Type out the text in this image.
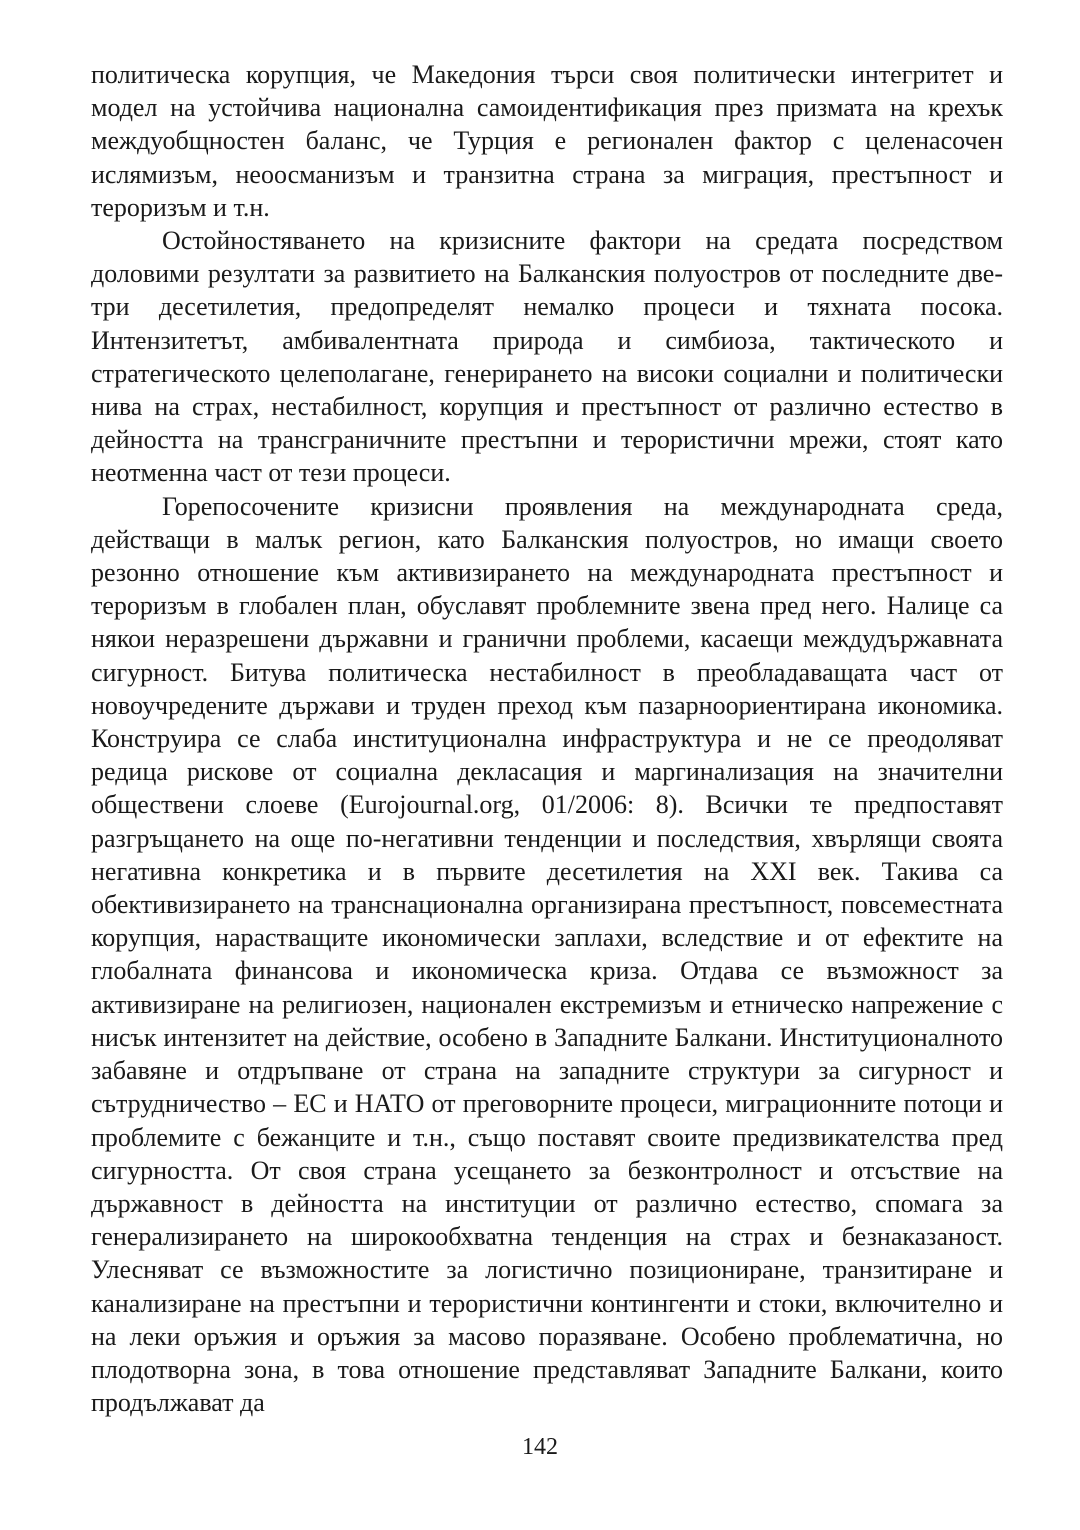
политическа корупция, че Македония търси своя политически интегритет и модел на устойчива национална самоидентификация през призмата на крехък междуобщностен баланс, че Турция е регионален фактор с целенасочен ислямизъм, неоосманизъм и транзитна страна за миграция, престъпност и тероризъм и т.н.

Остойностяването на кризисните фактори на средата посредством доловими резултати за развитието на Балканския полуостров от последните две-три десетилетия, предопределят немалко процеси и тяхната посока. Интензитетът, амбивалентната природа и симбиоза, тактическото и стратегическото целеполагане, генерирането на високи социални и политически нива на страх, нестабилност, корупция и престъпност от различно естество в дейността на трансграничните престъпни и терористични мрежи, стоят като неотменна част от тези процеси.

Горепосочените кризисни проявления на международната среда, действащи в малък регион, като Балканския полуостров, но имащи своето резонно отношение към активизирането на международната престъпност и тероризъм в глобален план, обуславят проблемните звена пред него. Налице са някои неразрешени държавни и гранични проблеми, касаещи междудържавната сигурност. Битува политическа нестабилност в преобладаващата част от новоучредените държави и труден преход към пазарноориентирана икономика. Конструира се слаба институционална инфраструктура и не се преодоляват редица рискове от социална декласация и маргинализация на значителни обществени слоеве (Eurojournal.org, 01/2006: 8). Всички те предпоставят разгръщането на още по-негативни тенденции и последствия, хвърлящи своята негативна конкретика и в първите десетилетия на XXI век. Такива са обективизирането на транснационална организирана престъпност, повсеместната корупция, нарастващите икономически заплахи, вследствие и от ефектите на глобалната финансова и икономическа криза. Отдава се възможност за активизиране на религиозен, национален екстремизъм и етническо напрежение с нисък интензитет на действие, особено в Западните Балкани. Институционалното забавяне и отдръпване от страна на западните структури за сигурност и сътрудничество – ЕС и НАТО от преговорните процеси, миграционните потоци и проблемите с бежанците и т.н., също поставят своите предизвикателства пред сигурността. От своя страна усещането за безконтролност и отсъствие на държавност в дейността на институции от различно естество, спомага за генерализирането на широкообхватна тенденция на страх и безнаказаност. Улесняват се възможностите за логистично позициониране, транзитиране и канализиране на престъпни и терористични контингенти и стоки, включително и на леки оръжия и оръжия за масово поразяване. Особено проблематична, но плодотворна зона, в това отношение представляват Западните Балкани, които продължават да

142
